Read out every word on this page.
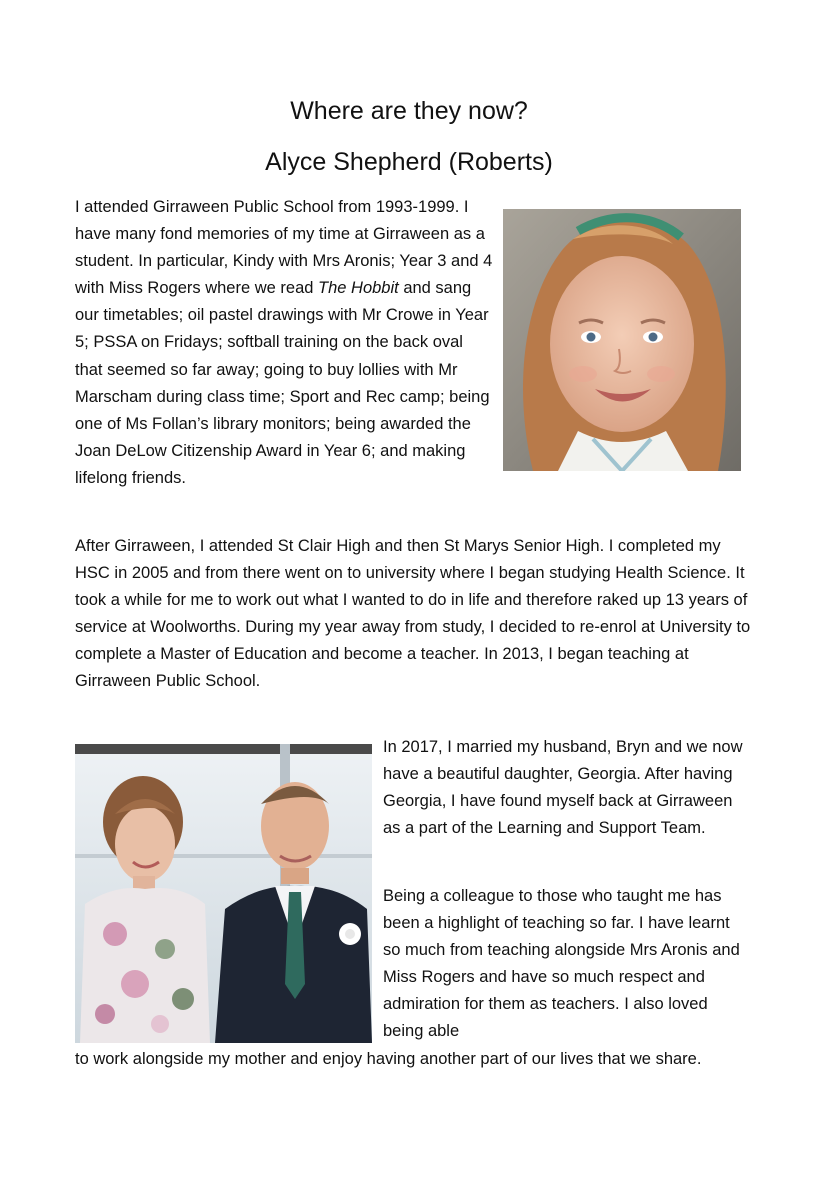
Where are they now?
Alyce Shepherd (Roberts)

I attended Girraween Public School from 1993-1999. I have many fond memories of my time at Girraween as a student. In particular, Kindy with Mrs Aronis; Year 3 and 4 with Miss Rogers where we read The Hobbit and sang our timetables; oil pastel drawings with Mr Crowe in Year 5; PSSA on Fridays; softball training on the back oval that seemed so far away; going to buy lollies with Mr Marscham during class time; Sport and Rec camp; being one of Ms Follan’s library monitors; being awarded the Joan DeLow Citizenship Award in Year 6; and making lifelong friends.

After Girraween, I attended St Clair High and then St Marys Senior High. I completed my HSC in 2005 and from there went on to university where I began studying Health Science. It took a while for me to work out what I wanted to do in life and therefore raked up 13 years of service at Woolworths. During my year away from study, I decided to re-enrol at University to complete a Master of Education and become a teacher. In 2013, I began teaching at Girraween Public School.

In 2017, I married my husband, Bryn and we now have a beautiful daughter, Georgia. After having Georgia, I have found myself back at Girraween as a part of the Learning and Support Team.

Being a colleague to those who taught me has been a highlight of teaching so far. I have learnt so much from teaching alongside Mrs Aronis and Miss Rogers and have so much respect and admiration for them as teachers. I also loved being able

to work alongside my mother and enjoy having another part of our lives that we share.
